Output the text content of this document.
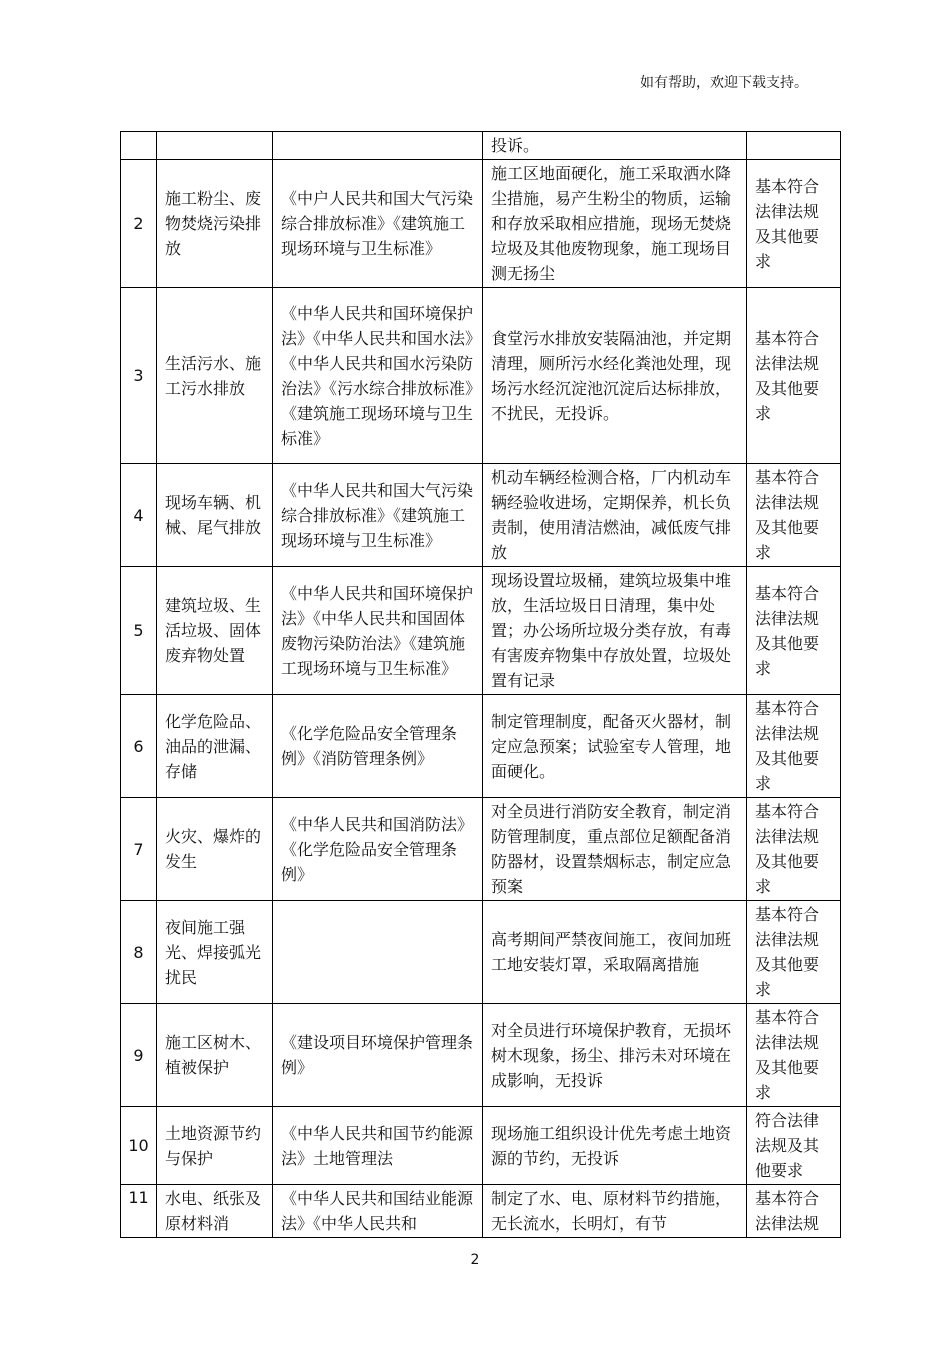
如有帮助，欢迎下载支持。
			投诉。	
2	施工粉尘、废物焚烧污染排放	《中户人民共和国大气污染综合排放标准》《建筑施工现场环境与卫生标准》	施工区地面硬化，施工采取洒水降尘措施，易产生粉尘的物质，运输和存放采取相应措施，现场无焚烧垃圾及其他废物现象，施工现场目测无扬尘	基本符合法律法规及其他要求
3	生活污水、施工污水排放	《中华人民共和国环境保护法》《中华人民共和国水法》《中华人民共和国水污染防治法》《污水综合排放标准》《建筑施工现场环境与卫生标准》	食堂污水排放安装隔油池，并定期清理，厕所污水经化粪池处理，现场污水经沉淀池沉淀后达标排放，不扰民，无投诉。	基本符合法律法规及其他要求
4	现场车辆、机械、尾气排放	《中华人民共和国大气污染综合排放标准》《建筑施工现场环境与卫生标准》	机动车辆经检测合格，厂内机动车辆经验收进场，定期保养，机长负责制，使用清洁燃油，减低废气排放	基本符合法律法规及其他要求
5	建筑垃圾、生活垃圾、固体废弃物处置	《中华人民共和国环境保护法》《中华人民共和国固体废物污染防治法》《建筑施工现场环境与卫生标准》	现场设置垃圾桶，建筑垃圾集中堆放，生活垃圾日日清理，集中处置；办公场所垃圾分类存放，有毒有害废弃物集中存放处置，垃圾处置有记录	基本符合法律法规及其他要求
6	化学危险品、油品的泄漏、存储	《化学危险品安全管理条例》《消防管理条例》	制定管理制度，配备灭火器材，制定应急预案；试验室专人管理，地面硬化。	基本符合法律法规及其他要求
7	火灾、爆炸的发生	《中华人民共和国消防法》《化学危险品安全管理条例》	对全员进行消防安全教育，制定消防管理制度，重点部位足额配备消防器材，设置禁烟标志，制定应急预案	基本符合法律法规及其他要求
8	夜间施工强光、焊接弧光扰民		高考期间严禁夜间施工，夜间加班工地安装灯罩，采取隔离措施	基本符合法律法规及其他要求
9	施工区树木、植被保护	《建设项目环境保护管理条例》	对全员进行环境保护教育，无损坏树木现象，扬尘、排污未对环境在成影响，无投诉	基本符合法律法规及其他要求
10	土地资源节约与保护	《中华人民共和国节约能源法》土地管理法	现场施工组织设计优先考虑土地资源的节约，无投诉	符合法律法规及其他要求
11	水电、纸张及原材料消	《中华人民共和国结业能源法》《中华人民共和	制定了水、电、原材料节约措施，无长流水，长明灯，有节	基本符合法律法规
2
